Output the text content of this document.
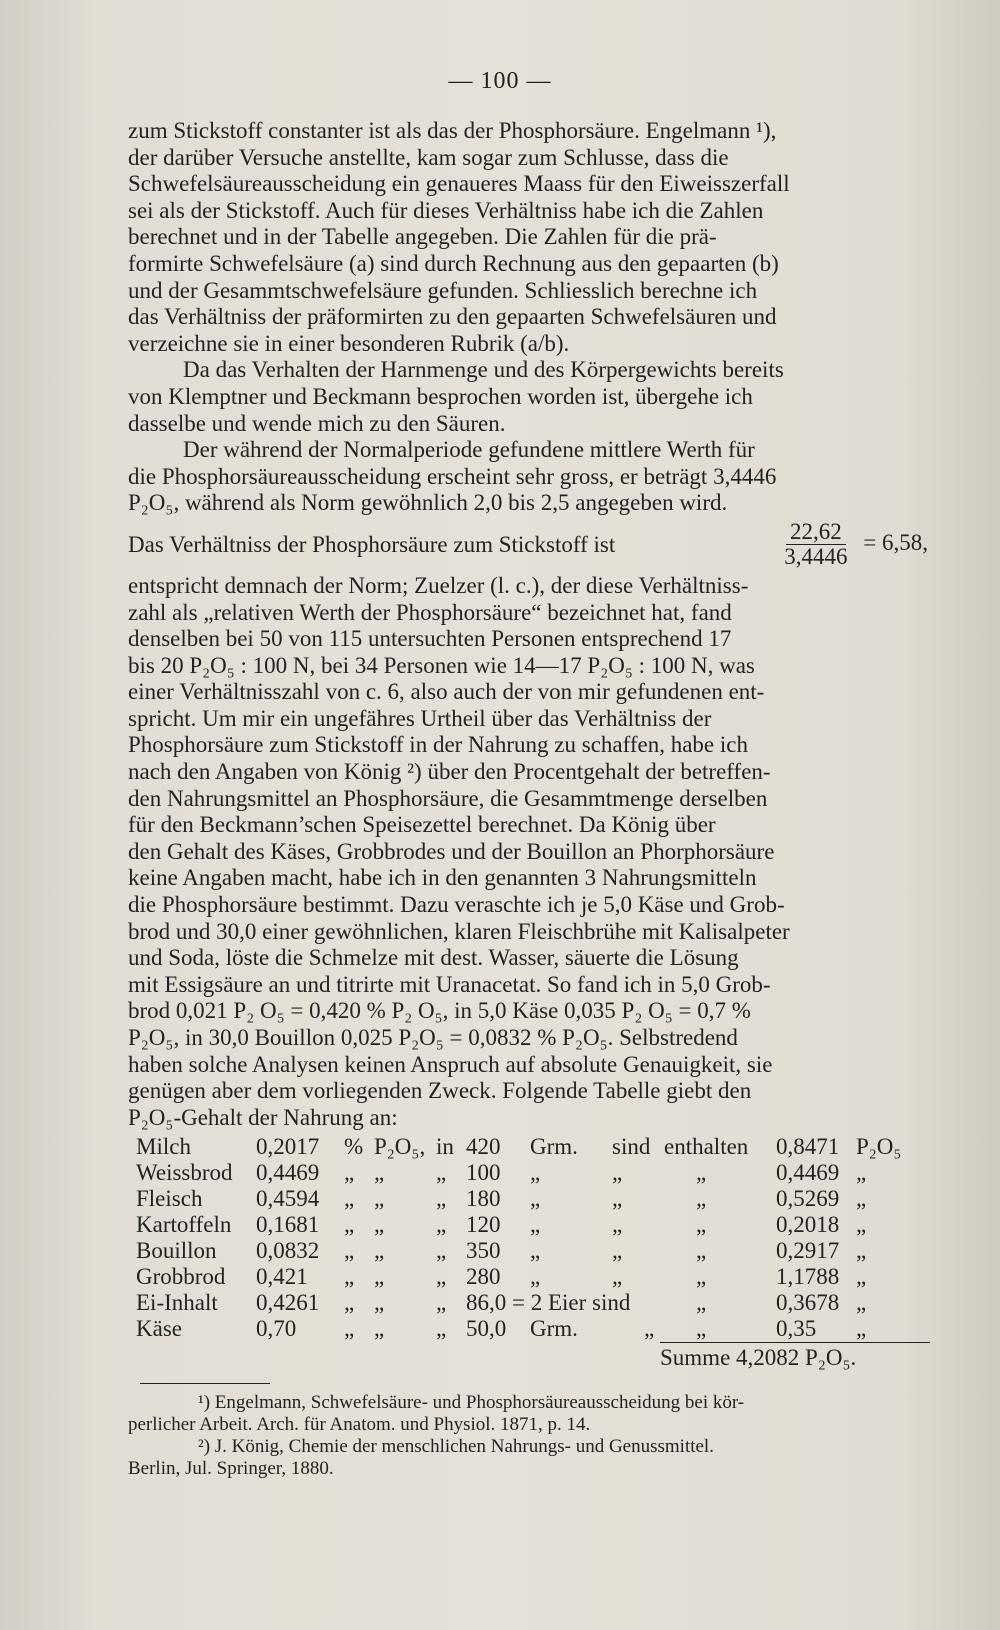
— 100 —

zum Stickstoff constanter ist als das der Phosphorsäure. Engelmann ¹),

der darüber Versuche anstellte, kam sogar zum Schlusse, dass die

Schwefelsäureausscheidung ein genaueres Maass für den Eiweisszerfall

sei als der Stickstoff. Auch für dieses Verhältniss habe ich die Zahlen

berechnet und in der Tabelle angegeben. Die Zahlen für die prä-

formirte Schwefelsäure (a) sind durch Rechnung aus den gepaarten (b)

und der Gesammtschwefelsäure gefunden. Schliesslich berechne ich

das Verhältniss der präformirten zu den gepaarten Schwefelsäuren und

verzeichne sie in einer besonderen Rubrik (a/b).

Da das Verhalten der Harnmenge und des Körpergewichts bereits

von Klemptner und Beckmann besprochen worden ist, übergehe ich

dasselbe und wende mich zu den Säuren.

Der während der Normalperiode gefundene mittlere Werth für

die Phosphorsäureausscheidung erscheint sehr gross, er beträgt 3,4446

P₂O₅, während als Norm gewöhnlich 2,0 bis 2,5 angegeben wird.

Das Verhältniss der Phosphorsäure zum Stickstoff ist	$\frac{22,62}{3,4446} = 6,58$,

entspricht demnach der Norm; Zuelzer (l. c.), der diese Verhältniss-

zahl als „relativen Werth der Phosphorsäure“ bezeichnet hat, fand

denselben bei 50 von 115 untersuchten Personen entsprechend 17

bis 20 P₂O₅ : 100 N, bei 34 Personen wie 14—17 P₂O₅ : 100 N, was

einer Verhältnisszahl von c. 6, also auch der von mir gefundenen ent-

spricht. Um mir ein ungefähres Urtheil über das Verhältniss der

Phosphorsäure zum Stickstoff in der Nahrung zu schaffen, habe ich

nach den Angaben von König ²) über den Procentgehalt der betreffen-

den Nahrungsmittel an Phosphorsäure, die Gesammtmenge derselben

für den Beckmann’schen Speisezettel berechnet. Da König über

den Gehalt des Käses, Grobbrodes und der Bouillon an Phorphorsäure

keine Angaben macht, habe ich in den genannten 3 Nahrungsmitteln

die Phosphorsäure bestimmt. Dazu veraschte ich je 5,0 Käse und Grob-

brod und 30,0 einer gewöhnlichen, klaren Fleischbrühe mit Kalisalpeter

und Soda, löste die Schmelze mit dest. Wasser, säuerte die Lösung

mit Essigsäure an und titrirte mit Uranacetat. So fand ich in 5,0 Grob-

brod 0,021 P₂ O₅ = 0,420 % P₂ O₅, in 5,0 Käse 0,035 P₂ O₅ = 0,7 %

P₂O₅, in 30,0 Bouillon 0,025 P₂O₅ = 0,0832 % P₂O₅. Selbstredend

haben solche Analysen keinen Anspruch auf absolute Genauigkeit, sie

genügen aber dem vorliegenden Zweck. Folgende Tabelle giebt den

P₂O₅-Gehalt der Nahrung an:

Milch	0,2017 % P₂O₅, in 420 Grm. sind enthalten 0,8471 P₂O₅
Weissbrod 0,4469 „ „ „ 100 „	„	„	0,4469 „
Fleisch 0,4594 „ „ „ 180 „	„	„	0,5269 „
Kartoffeln 0,1681 „ „ „ 120 „	„	„	0,2018 „
Bouillon 0,0832 „ „ „ 350 „	„	„	0,2917 „
Grobbrod 0,421 „ „ „ 280 „	„	„	1,1788 „
Ei-Inhalt 0,4261 „ „ „ 86,0 = 2 Eier sind	„	0,3678 „
Käse	0,70 „ „ „ 50,0 Grm.	„ „	0,35 „
Summe 4,2082 P₂O₅.

¹) Engelmann, Schwefelsäure- und Phosphorsäureausscheidung bei kör-

perlicher Arbeit. Arch. für Anatom. und Physiol. 1871, p. 14.

²) J. König, Chemie der menschlichen Nahrungs- und Genussmittel.

Berlin, Jul. Springer, 1880.
